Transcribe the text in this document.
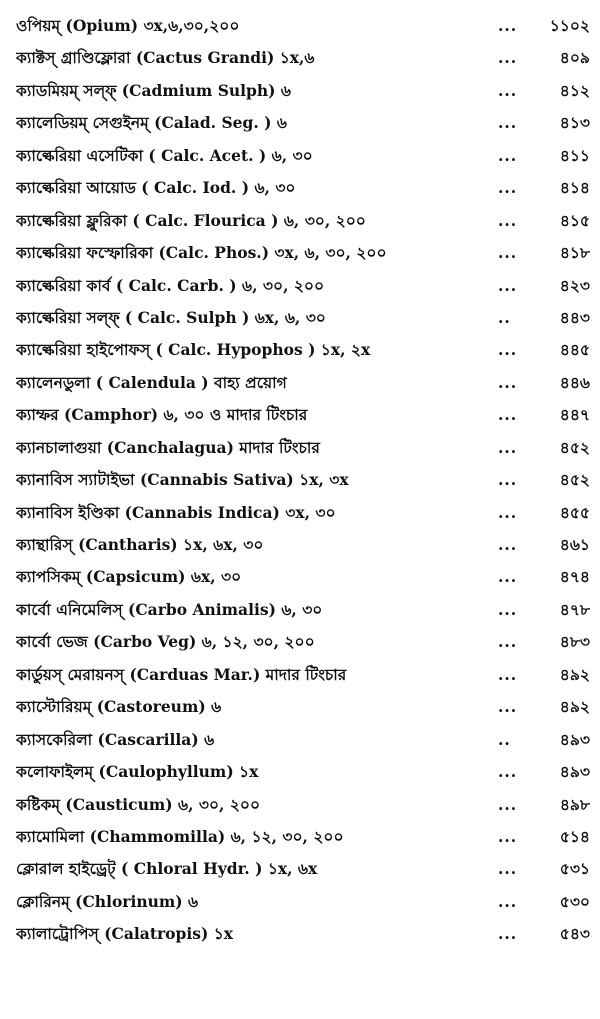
ওপিয়ম্ (Opium) ৩x,৬,৩০,২০০	...	১১০২
ক্যাক্টস্ গ্রাণ্ডিফ্লোরা (Cactus Grandi) ১x,৬	...	৪০৯
ক্যাডমিয়ম্ সল্ফ্ (Cadmium Sulph) ৬	...	৪১২
ক্যালেডিয়ম্ সেগুইনম্ (Calad. Seg. ) ৬	...	৪১৩
ক্যাল্কেরিয়া এসেটিকা ( Calc. Acet. ) ৬, ৩০	...	৪১১
ক্যাল্কেরিয়া আয়োড ( Calc. Iod. ) ৬, ৩০	...	৪১৪
ক্যাল্কেরিয়া ফ্লুরিকা ( Calc. Flourica ) ৬, ৩০, ২০০	...	৪১৫
ক্যাল্কেরিয়া ফস্ফোরিকা (Calc. Phos.) ৩x, ৬, ৩০, ২০০	...	৪১৮
ক্যাল্কেরিয়া কার্ব ( Calc. Carb. ) ৬, ৩০, ২০০	...	৪২৩
ক্যাল্কেরিয়া সল্ফ্ ( Calc. Sulph ) ৬x, ৬, ৩০	..	৪৪৩
ক্যাল্কেরিয়া হাইপোফস্ ( Calc. Hypophos ) ১x, ২x	...	৪৪৫
ক্যালেনডুলা ( Calendula ) বাহ্য প্রয়োগ	...	৪৪৬
ক্যাম্ফর (Camphor) ৬, ৩০ ও মাদার টিংচার	...	৪৪৭
ক্যানচালাগুয়া (Canchalagua) মাদার টিংচার	...	৪৫২
ক্যানাবিস স্যাটাইভা (Cannabis Sativa) ১x, ৩x	...	৪৫২
ক্যানাবিস ইণ্ডিকা (Cannabis Indica) ৩x, ৩০	...	৪৫৫
ক্যান্থারিস্ (Cantharis) ১x, ৬x, ৩০	...	৪৬১
ক্যাপসিকম্ (Capsicum) ৬x, ৩০	...	৪৭৪
কার্বো এনিমেলিস্ (Carbo Animalis) ৬, ৩০	...	৪৭৮
কার্বো ভেজ (Carbo Veg) ৬, ১২, ৩০, ২০০	...	৪৮৩
কার্ডুয়স্ মেরায়নস্ (Carduas Mar.) মাদার টিংচার	...	৪৯২
ক্যাস্টোরিয়ম্ (Castoreum) ৬	...	৪৯২
ক্যাসকেরিলা (Cascarilla) ৬	..	৪৯৩
কলোফাইলম্ (Caulophyllum) ১x	...	৪৯৩
কষ্টিকম্ (Causticum) ৬, ৩০, ২০০	...	৪৯৮
ক্যামোমিলা (Chammomilla) ৬, ১২, ৩০, ২০০	...	৫১৪
ক্লোরাল হাইড্রেট্ ( Chloral Hydr. ) ১x, ৬x	...	৫৩১
ক্লোরিনম্ (Chlorinum) ৬	...	৫৩০
ক্যালাট্রোপিস্ (Calatropis) ১x	...	৫৪৩
